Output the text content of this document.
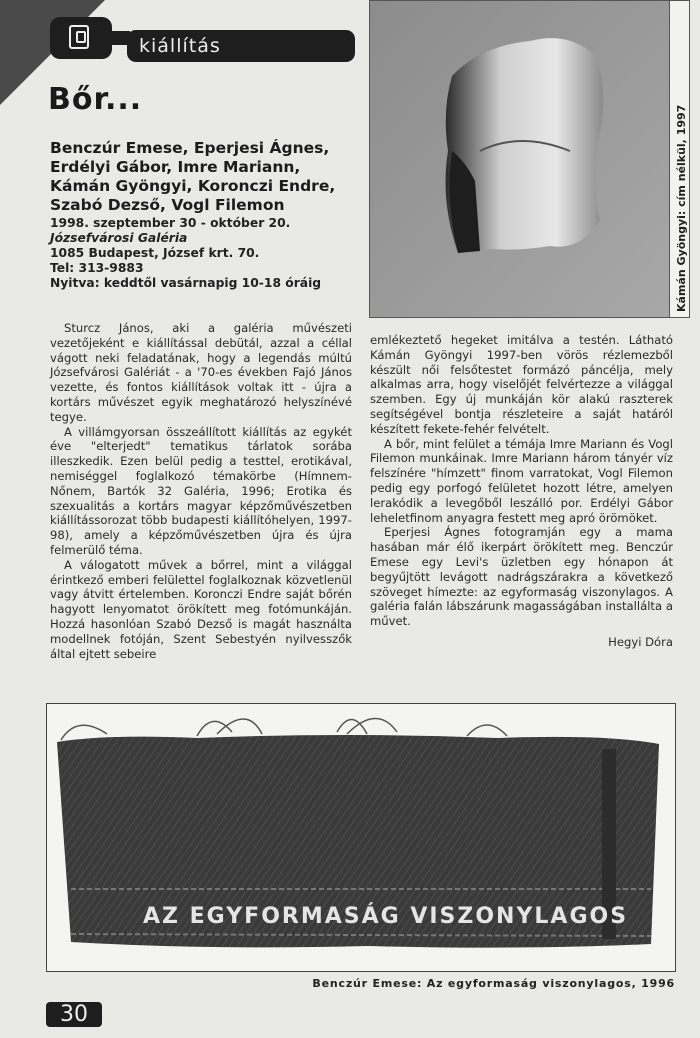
kiállítás
Bőr...
Benczúr Emese, Eperjesi Ágnes, Erdélyi Gábor, Imre Mariann, Kámán Gyöngyi, Koronczi Endre, Szabó Dezső, Vogl Filemon
1998. szeptember 30 - október 20.
Józsefvárosi Galéria
1085 Budapest, József krt. 70.
Tel: 313-9883
Nyitva: keddtől vasárnapig 10-18 óráig

Sturcz János, aki a galéria művészeti vezetőjeként e kiállítással debütál, azzal a céllal vágott neki feladatának, hogy a legendás múltú Józsefvárosi Galériát - a '70-es években Fajó János vezette, és fontos kiállítások voltak itt - újra a kortárs művészet egyik meghatározó helyszínévé tegye.

A villámgyorsan összeállított kiállítás az egykét éve "elterjedt" tematikus tárlatok sorába illeszkedik. Ezen belül pedig a testtel, erotikával, nemiséggel foglalkozó témakörbe (Hímnem-Nőnem, Bartók 32 Galéria, 1996; Erotika és szexualitás a kortárs magyar képzőművészetben kiállítássorozat több budapesti kiállítóhelyen, 1997-98), amely a képzőművészetben újra és újra felmerülő téma.

A válogatott művek a bőrrel, mint a világgal érintkező emberi felülettel foglalkoznak közvetlenül vagy átvitt értelemben. Koronczi Endre saját bőrén hagyott lenyomatot örökített meg fotómunkáján. Hozzá hasonlóan Szabó Dezső is magát használta modellnek fotóján, Szent Sebestyén nyilvesszők által ejtett sebeire

Kámán Gyöngyi: cím nélkül, 1997

emlékeztető hegeket imitálva a testén. Látható Kámán Gyöngyi 1997-ben vörös rézlemezből készült női felsőtestet formázó páncélja, mely alkalmas arra, hogy viselőjét felvértezze a világgal szemben. Egy új munkáján kör alakú raszterek segítségével bontja részleteire a saját határól készített fekete-fehér felvételt.

A bőr, mint felület a témája Imre Mariann és Vogl Filemon munkáinak. Imre Mariann három tányér víz felszínére "hímzett" finom varratokat, Vogl Filemon pedig egy porfogó felületet hozott létre, amelyen lerakódik a levegőből leszálló por. Erdélyi Gábor leheletfinom anyagra festett meg apró örömöket.

Eperjesi Ágnes fotogramján egy a mama hasában már élő ikerpárt örökített meg. Benczúr Emese egy Levi's üzletben egy hónapon át begyűjtött levágott nadrágszárakra a következő szöveget hímezte: az egyformaság viszonylagos. A galéria falán lábszárunk magasságában installálta a művet.

Hegyi Dóra

AZ EGYFORMASÁG VISZONYLAGOS
Benczúr Emese: Az egyformaság viszonylagos, 1996
30
